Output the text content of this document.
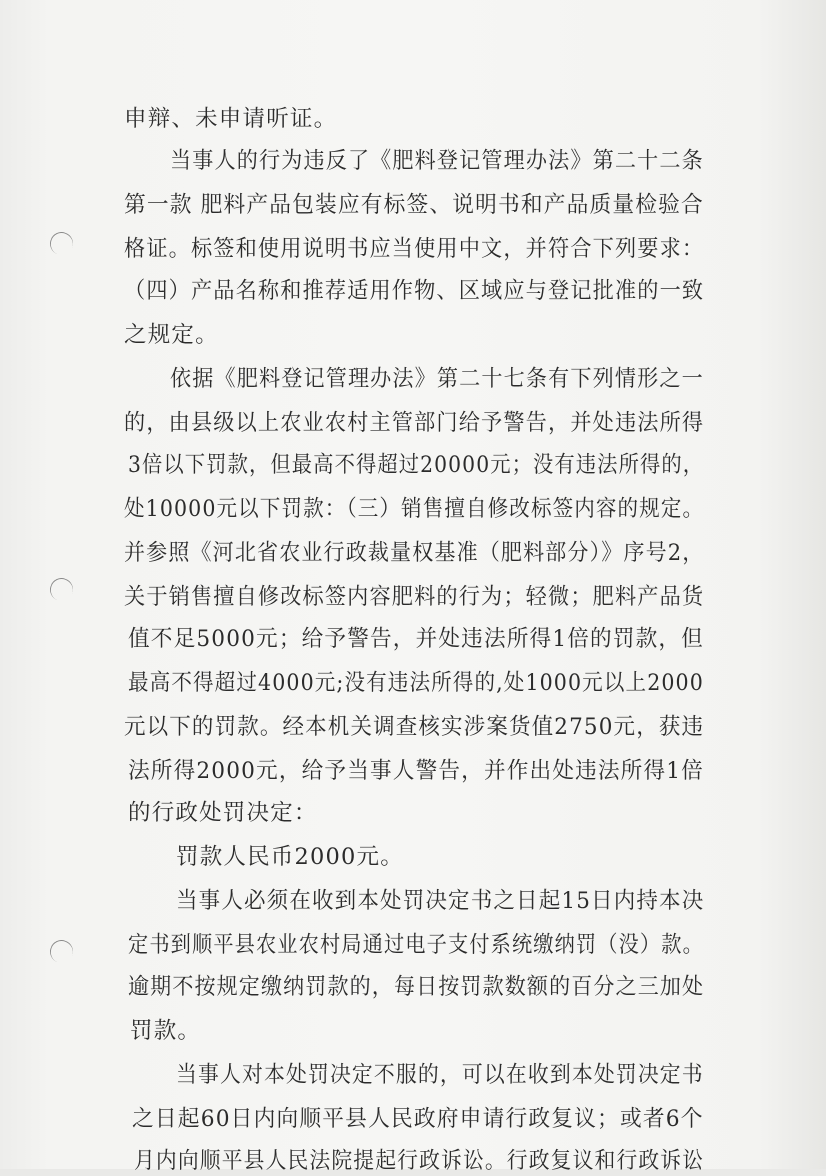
申辩、未申请听证。
当事人的行为违反了《肥料登记管理办法》第二十二条
第一款 肥料产品包装应有标签、说明书和产品质量检验合
格证。标签和使用说明书应当使用中文，并符合下列要求：
（四）产品名称和推荐适用作物、区域应与登记批准的一致
之规定。
依据《肥料登记管理办法》第二十七条有下列情形之一
的，由县级以上农业农村主管部门给予警告，并处违法所得
3倍以下罚款，但最高不得超过20000元；没有违法所得的，
处10000元以下罚款：（三）销售擅自修改标签内容的规定。
并参照《河北省农业行政裁量权基准（肥料部分）》序号2，
关于销售擅自修改标签内容肥料的行为；轻微；肥料产品货
值不足5000元；给予警告，并处违法所得1倍的罚款，但
最高不得超过4000元;没有违法所得的,处1000元以上2000
元以下的罚款。经本机关调查核实涉案货值2750元，获违
法所得2000元，给予当事人警告，并作出处违法所得1倍
的行政处罚决定：
罚款人民币2000元。
当事人必须在收到本处罚决定书之日起15日内持本决
定书到顺平县农业农村局通过电子支付系统缴纳罚（没）款。
逾期不按规定缴纳罚款的，每日按罚款数额的百分之三加处
罚款。
当事人对本处罚决定不服的，可以在收到本处罚决定书
之日起60日内向顺平县人民政府申请行政复议；或者6个
月内向顺平县人民法院提起行政诉讼。行政复议和行政诉讼
